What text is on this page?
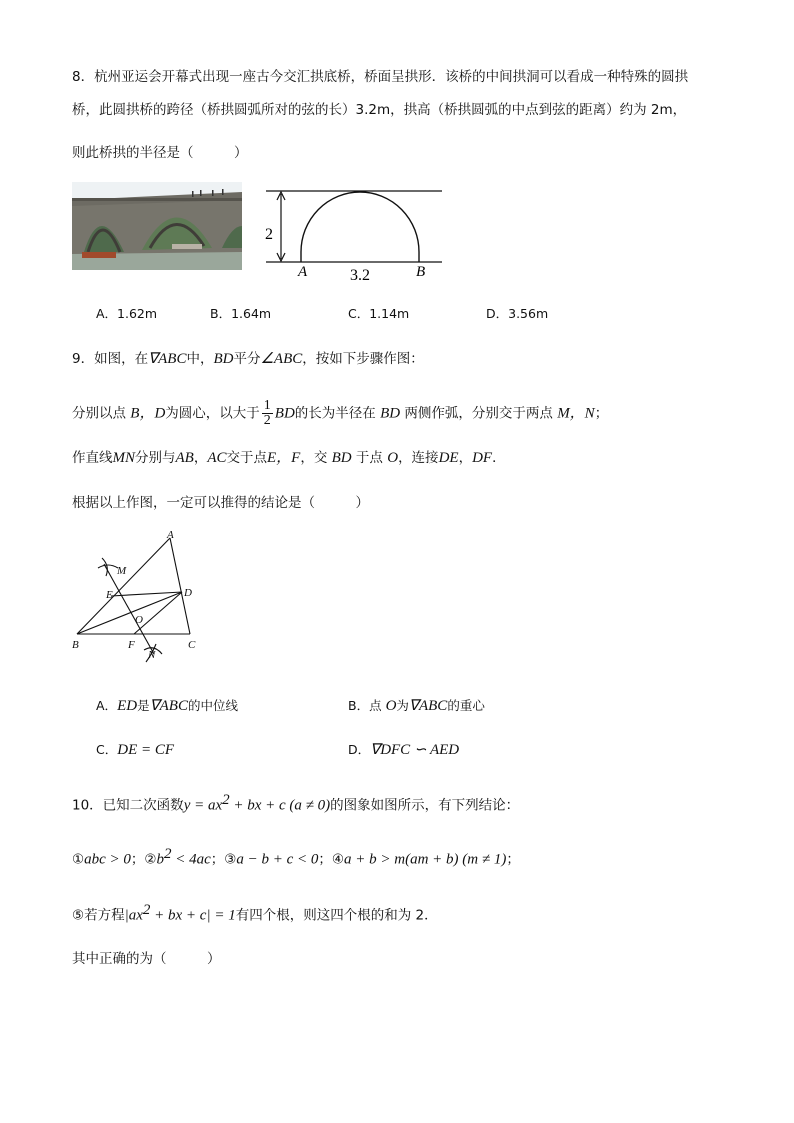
8．杭州亚运会开幕式出现一座古今交汇拱底桥，桥面呈拱形．该桥的中间拱洞可以看成一种特殊的圆拱
桥，此圆拱桥的跨径（桥拱圆弧所对的弦的长）3.2m，拱高（桥拱圆弧的中点到弦的距离）约为 2m，
则此桥拱的半径是（　　　）
2
A	3.2	B
A．1.62m	B．1.64m	C．1.14m	D．3.56m
9．如图，在∇ABC中，BD平分∠ABC，按如下步骤作图：
分别以点 B，D为圆心，以大于 $\frac{1}{2}$ BD的长为半径在 BD 两侧作弧，分别交于两点 M，N；
作直线MN分别与AB，AC交于点E，F，交 BD 于点 O，连接DE，DF．
根据以上作图，一定可以推得的结论是（　　　）
A
B	C
D
E
F
O
M
N
A．ED是∇ABC的中位线	B．点 O为∇ABC的重心
C．DE = CF	D．∇DFC ∽ AED
10．已知二次函数$y = ax^2$ + bx + c (a ≠ 0)的图象如图所示，有下列结论：
①abc > 0；$②b^2 < 4ac$；③a − b + c < 0；④a + b > m(am + b) (m ≠ 1)；
⑤若方程$|ax^2$ + bx + c| = 1有四个根，则这四个根的和为 2．
其中正确的为（　　　）
